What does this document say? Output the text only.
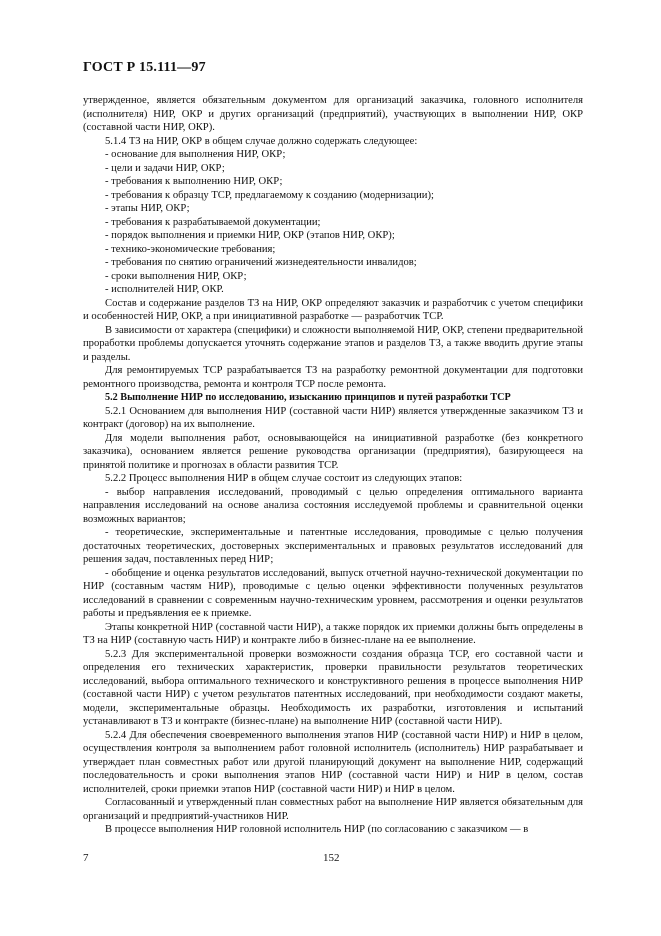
ГОСТ Р 15.111—97

утвержденное, является обязательным документом для организаций заказчика, головного исполнителя (исполнителя) НИР, ОКР и других организаций (предприятий), участвующих в выполнении НИР, ОКР (составной части НИР, ОКР).

5.1.4 ТЗ на НИР, ОКР в общем случае должно содержать следующее:

- основание для выполнения НИР, ОКР;

- цели и задачи НИР, ОКР;

- требования к выполнению НИР, ОКР;

- требования к образцу ТСР, предлагаемому к созданию (модернизации);

- этапы НИР, ОКР;

- требования к разрабатываемой документации;

- порядок выполнения и приемки НИР, ОКР (этапов НИР, ОКР);

- технико-экономические требования;

- требования по снятию ограничений жизнедеятельности инвалидов;

- сроки выполнения НИР, ОКР;

- исполнителей НИР, ОКР.

Состав и содержание разделов ТЗ на НИР, ОКР определяют заказчик и разработчик с учетом специфики и особенностей НИР, ОКР, а при инициативной разработке — разработчик ТСР.

В зависимости от характера (специфики) и сложности выполняемой НИР, ОКР, степени предварительной проработки проблемы допускается уточнять содержание этапов и разделов ТЗ, а также вводить другие этапы и разделы.

Для ремонтируемых ТСР разрабатывается ТЗ на разработку ремонтной документации для подготовки ремонтного производства, ремонта и контроля ТСР после ремонта.

5.2 Выполнение НИР по исследованию, изысканию принципов и путей разработки ТСР

5.2.1 Основанием для выполнения НИР (составной части НИР) является утвержденные заказчиком ТЗ и контракт (договор) на их выполнение.

Для модели выполнения работ, основывающейся на инициативной разработке (без конкретного заказчика), основанием является решение руководства организации (предприятия), базирующееся на принятой политике и прогнозах в области развития ТСР.

5.2.2 Процесс выполнения НИР в общем случае состоит из следующих этапов:

- выбор направления исследований, проводимый с целью определения оптимального варианта направления исследований на основе анализа состояния исследуемой проблемы и сравнительной оценки возможных вариантов;

- теоретические, экспериментальные и патентные исследования, проводимые с целью получения достаточных теоретических, достоверных экспериментальных и правовых результатов исследований для решения задач, поставленных перед НИР;

- обобщение и оценка результатов исследований, выпуск отчетной научно-технической документации по НИР (составным частям НИР), проводимые с целью оценки эффективности полученных результатов исследований в сравнении с современным научно-техническим уровнем, рассмотрения и оценки результатов работы и предъявления ее к приемке.

Этапы конкретной НИР (составной части НИР), а также порядок их приемки должны быть определены в ТЗ на НИР (составную часть НИР) и контракте либо в бизнес-плане на ее выполнение.

5.2.3 Для экспериментальной проверки возможности создания образца ТСР, его составной части и определения его технических характеристик, проверки правильности результатов теоретических исследований, выбора оптимального технического и конструктивного решения в процессе выполнения НИР (составной части НИР) с учетом результатов патентных исследований, при необходимости создают макеты, модели, экспериментальные образцы. Необходимость их разработки, изготовления и испытаний устанавливают в ТЗ и контракте (бизнес-плане) на выполнение НИР (составной части НИР).

5.2.4 Для обеспечения своевременного выполнения этапов НИР (составной части НИР) и НИР в целом, осуществления контроля за выполнением работ головной исполнитель (исполнитель) НИР разрабатывает и утверждает план совместных работ или другой планирующий документ на выполнение НИР, содержащий последовательность и сроки выполнения этапов НИР (составной части НИР) и НИР в целом, состав исполнителей, сроки приемки этапов НИР (составной части НИР) и НИР в целом.

Согласованный и утвержденный план совместных работ на выполнение НИР является обязательным для организаций и предприятий-участников НИР.

В процессе выполнения НИР головной исполнитель НИР (по согласованию с заказчиком — в

7	152
